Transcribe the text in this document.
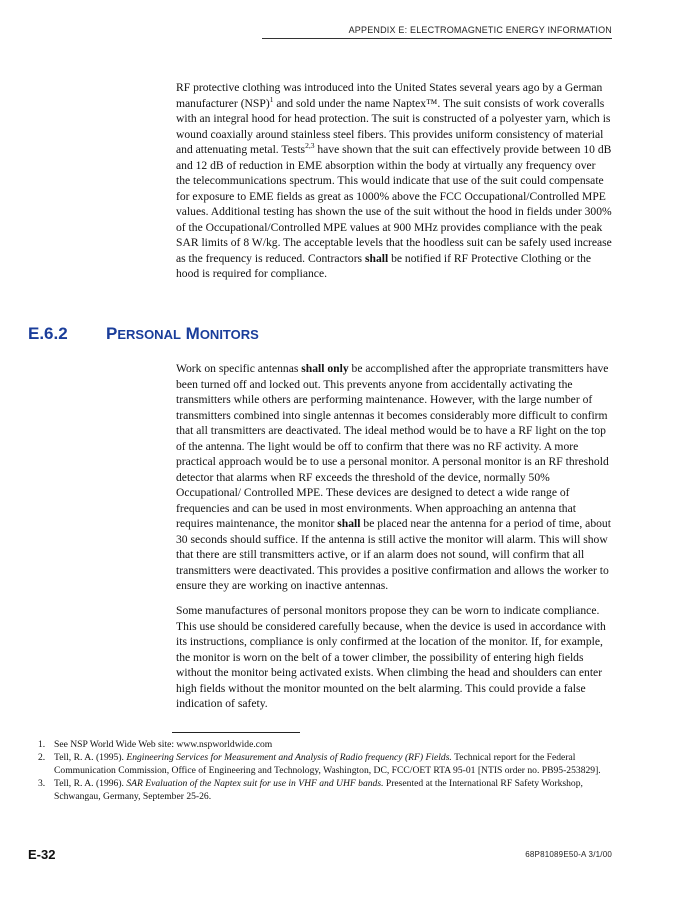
APPENDIX E: ELECTROMAGNETIC ENERGY INFORMATION

RF protective clothing was introduced into the United States several years ago by a German manufacturer (NSP)$^1$ and sold under the name Naptex™. The suit consists of work coveralls with an integral hood for head protection. The suit is constructed of a polyester yarn, which is wound coaxially around stainless steel fibers. This provides uniform consistency of material and attenuating metal. Tests$^{2,3}$ have shown that the suit can effectively provide between 10 dB and 12 dB of reduction in EME absorption within the body at virtually any frequency over the telecommunications spectrum. This would indicate that use of the suit could compensate for exposure to EME fields as great as 1000% above the FCC Occupational/Controlled MPE values. Additional testing has shown the use of the suit without the hood in fields under 300% of the Occupational/Controlled MPE values at 900 MHz provides compliance with the peak SAR limits of 8 W/kg. The acceptable levels that the hoodless suit can be safely used increase as the frequency is reduced. Contractors shall be notified if RF Protective Clothing or the hood is required for compliance.

E.6.2 PERSONAL MONITORS

Work on specific antennas shall only be accomplished after the appropriate transmitters have been turned off and locked out. This prevents anyone from accidentally activating the transmitters while others are performing maintenance. However, with the large number of transmitters combined into single antennas it becomes considerably more difficult to confirm that all transmitters are deactivated. The ideal method would be to have a RF light on the top of the antenna. The light would be off to confirm that there was no RF activity. A more practical approach would be to use a personal monitor. A personal monitor is an RF threshold detector that alarms when RF exceeds the threshold of the device, normally 50% Occupational/ Controlled MPE. These devices are designed to detect a wide range of frequencies and can be used in most environments. When approaching an antenna that requires maintenance, the monitor shall be placed near the antenna for a period of time, about 30 seconds should suffice. If the antenna is still active the monitor will alarm. This will show that there are still transmitters active, or if an alarm does not sound, will confirm that all transmitters were deactivated. This provides a positive confirmation and allows the worker to ensure they are working on inactive antennas.

Some manufactures of personal monitors propose they can be worn to indicate compliance. This use should be considered carefully because, when the device is used in accordance with its instructions, compliance is only confirmed at the location of the monitor. If, for example, the monitor is worn on the belt of a tower climber, the possibility of entering high fields without the monitor being activated exists. When climbing the head and shoulders can enter high fields without the monitor mounted on the belt alarming. This could provide a false indication of safety.

1. See NSP World Wide Web site: www.nspworldwide.com

2. Tell, R. A. (1995). Engineering Services for Measurement and Analysis of Radio frequency (RF) Fields. Technical report for the Federal Communication Commission, Office of Engineering and Technology, Washington, DC, FCC/OET RTA 95-01 [NTIS order no. PB95-253829].

3. Tell, R. A. (1996). SAR Evaluation of the Naptex suit for use in VHF and UHF bands. Presented at the International RF Safety Workshop, Schwangau, Germany, September 25-26.

E-32	68P81089E50-A 3/1/00
